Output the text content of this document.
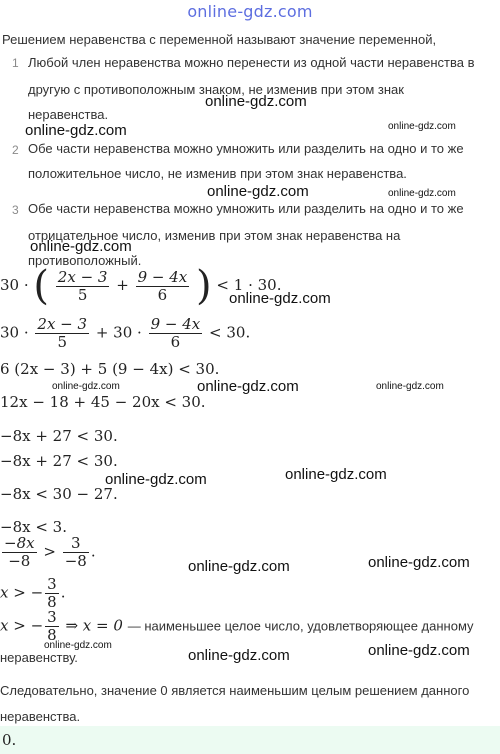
online-gdz.com
Решением неравенства с переменной называют значение переменной,
1 Любой член неравенства можно перенести из одной части неравенства в
другую с противоположным знаком, не изменив при этом знак
неравенства.
2 Обе части неравенства можно умножить или разделить на одно и то же
положительное число, не изменив при этом знак неравенства.
3 Обе части неравенства можно умножить или разделить на одно и то же
отрицательное число, изменив при этом знак неравенства на
противоположный.
30 · ( $\frac{2x - 3}{5} + \frac{9 - 4x}{6}$ ) < 1 · 30.
$30 \cdot \frac{2x - 3}{5} + 30 \cdot \frac{9 - 4x}{6} < 30$.
6 (2x − 3) + 5 (9 − 4x) < 30.
12x − 18 + 45 − 20x < 30.
−8x + 27 < 30.
−8x + 27 < 30.
−8x < 30 − 27.
−8x < 3.
$\frac{-8x}{-8} > \frac{3}{-8}$ .
x > − $\frac{3}{8}$ .
x > − $\frac{3}{8}$ ⇒ x = 0 — наименьшее целое число, удовлетворяющее данному
неравенству.
Следовательно, значение 0 является наименьшим целым решением данного
неравенства.
0.
online-gdz.com
online-gdz.com	online-gdz.com
online-gdz.com	online-gdz.com
online-gdz.com
online-gdz.com
online-gdz.com	online-gdz.com	online-gdz.com
online-gdz.com	online-gdz.com
online-gdz.com	online-gdz.com
online-gdz.com
online-gdz.com	online-gdz.com
